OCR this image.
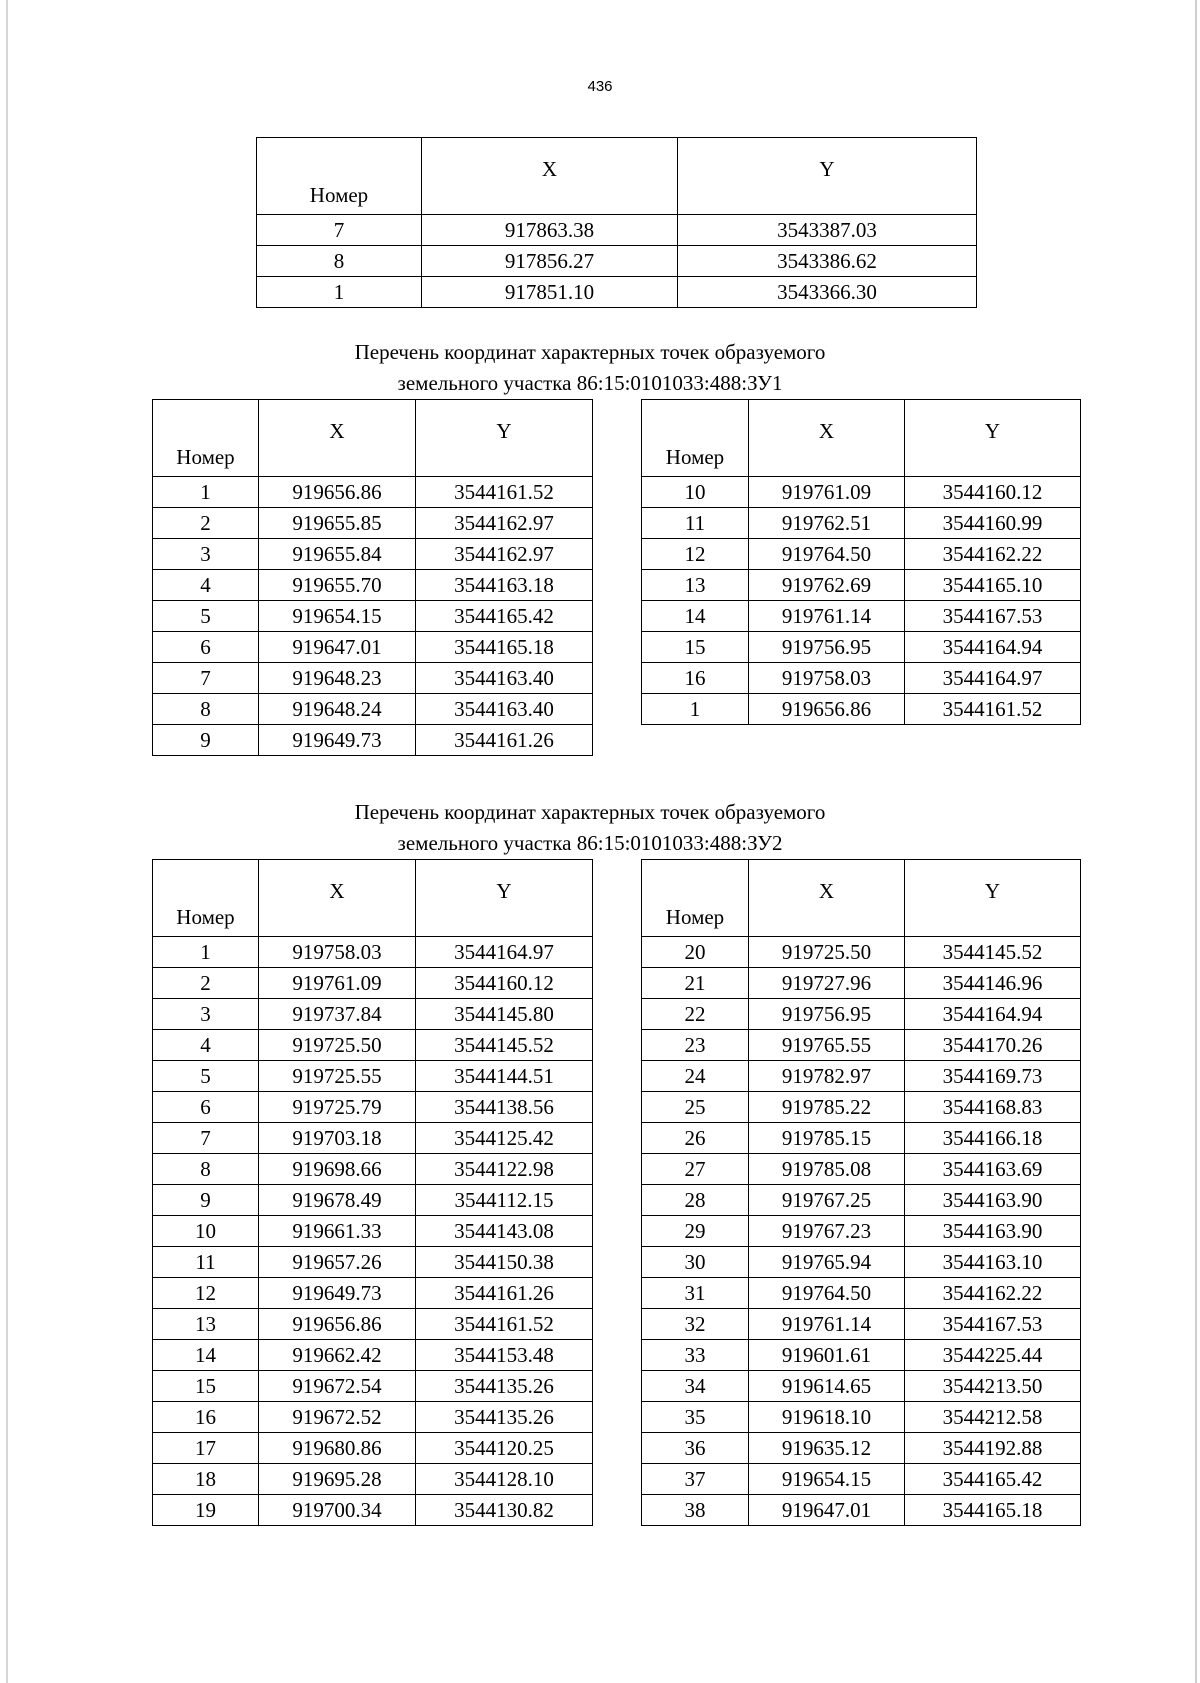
436
Номер	X	Y
7	917863.38	3543387.03
8	917856.27	3543386.62
1	917851.10	3543366.30
Перечень координат характерных точек образуемого
земельного участка 86:15:0101033:488:ЗУ1
Номер	X	Y
1	919656.86	3544161.52
2	919655.85	3544162.97
3	919655.84	3544162.97
4	919655.70	3544163.18
5	919654.15	3544165.42
6	919647.01	3544165.18
7	919648.23	3544163.40
8	919648.24	3544163.40
9	919649.73	3544161.26
Номер	X	Y
10	919761.09	3544160.12
11	919762.51	3544160.99
12	919764.50	3544162.22
13	919762.69	3544165.10
14	919761.14	3544167.53
15	919756.95	3544164.94
16	919758.03	3544164.97
1	919656.86	3544161.52
Перечень координат характерных точек образуемого
земельного участка 86:15:0101033:488:ЗУ2
Номер	X	Y
1	919758.03	3544164.97
2	919761.09	3544160.12
3	919737.84	3544145.80
4	919725.50	3544145.52
5	919725.55	3544144.51
6	919725.79	3544138.56
7	919703.18	3544125.42
8	919698.66	3544122.98
9	919678.49	3544112.15
10	919661.33	3544143.08
11	919657.26	3544150.38
12	919649.73	3544161.26
13	919656.86	3544161.52
14	919662.42	3544153.48
15	919672.54	3544135.26
16	919672.52	3544135.26
17	919680.86	3544120.25
18	919695.28	3544128.10
19	919700.34	3544130.82
Номер	X	Y
20	919725.50	3544145.52
21	919727.96	3544146.96
22	919756.95	3544164.94
23	919765.55	3544170.26
24	919782.97	3544169.73
25	919785.22	3544168.83
26	919785.15	3544166.18
27	919785.08	3544163.69
28	919767.25	3544163.90
29	919767.23	3544163.90
30	919765.94	3544163.10
31	919764.50	3544162.22
32	919761.14	3544167.53
33	919601.61	3544225.44
34	919614.65	3544213.50
35	919618.10	3544212.58
36	919635.12	3544192.88
37	919654.15	3544165.42
38	919647.01	3544165.18
